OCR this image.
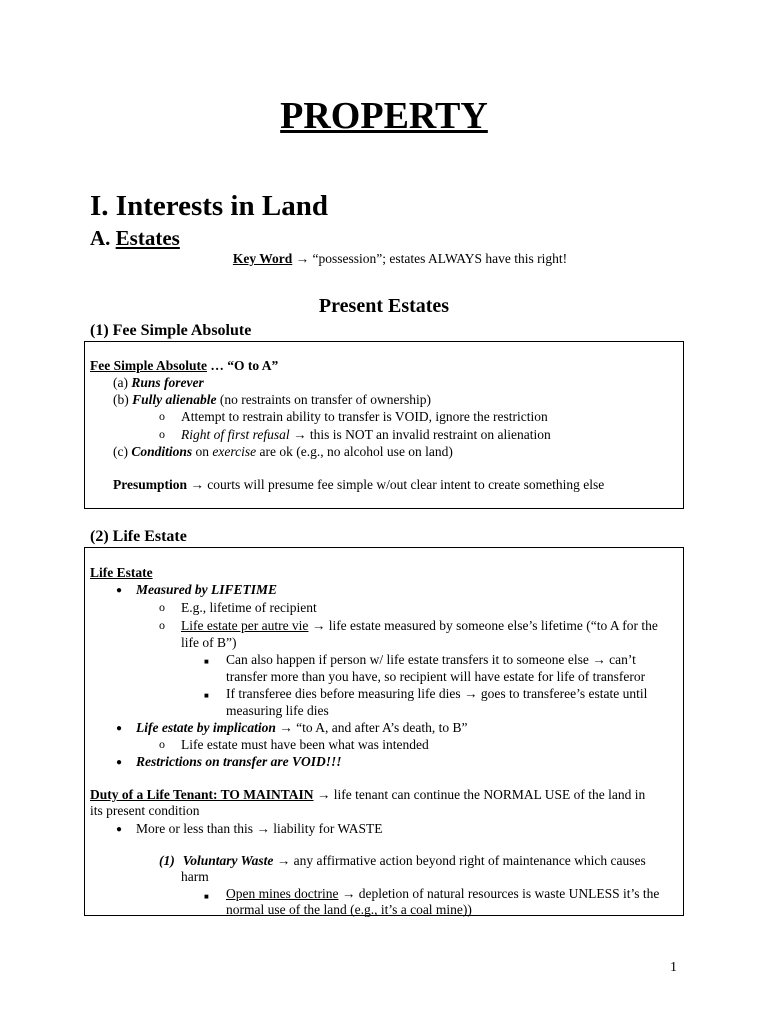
PROPERTY
I. Interests in Land
A. Estates
Key Word → “possession”; estates ALWAYS have this right!
Present Estates
(1) Fee Simple Absolute
Fee Simple Absolute … “O to A”
(a) Runs forever
(b) Fully alienable (no restraints on transfer of ownership)
o Attempt to restrain ability to transfer is VOID, ignore the restriction
o Right of first refusal → this is NOT an invalid restraint on alienation
(c) Conditions on exercise are ok (e.g., no alcohol use on land)
Presumption → courts will presume fee simple w/out clear intent to create something else
(2) Life Estate
Life Estate
● Measured by LIFETIME
o E.g., lifetime of recipient
o Life estate per autre vie → life estate measured by someone else’s lifetime (“to A for the
life of B”)
■ Can also happen if person w/ life estate transfers it to someone else → can’t
transfer more than you have, so recipient will have estate for life of transferor
■ If transferee dies before measuring life dies → goes to transferee’s estate until
measuring life dies
● Life estate by implication → “to A, and after A’s death, to B”
o Life estate must have been what was intended
● Restrictions on transfer are VOID!!!
Duty of a Life Tenant: TO MAINTAIN → life tenant can continue the NORMAL USE of the land in
its present condition
● More or less than this → liability for WASTE
(1) Voluntary Waste → any affirmative action beyond right of maintenance which causes
harm
■ Open mines doctrine → depletion of natural resources is waste UNLESS it’s the
normal use of the land (e.g., it’s a coal mine))
1
